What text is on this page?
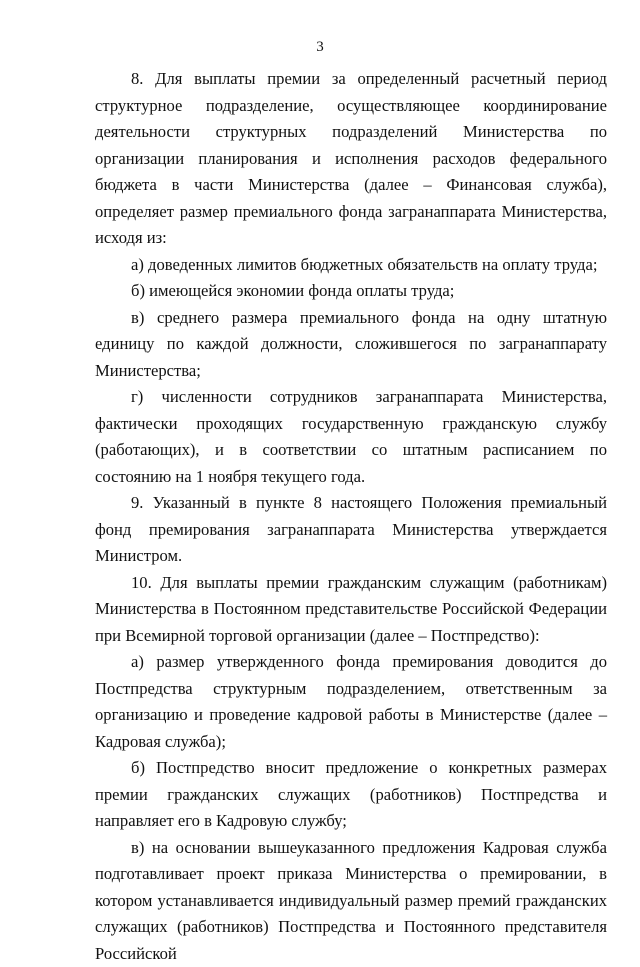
3

8. Для выплаты премии за определенный расчетный период структурное подразделение, осуществляющее координирование деятельности структурных подразделений Министерства по организации планирования и исполнения расходов федерального бюджета в части Министерства (далее – Финансовая служба), определяет размер премиального фонда загранаппарата Министерства, исходя из:

а) доведенных лимитов бюджетных обязательств на оплату труда;

б) имеющейся экономии фонда оплаты труда;

в) среднего размера премиального фонда на одну штатную единицу по каждой должности, сложившегося по загранаппарату Министерства;

г) численности сотрудников загранаппарата Министерства, фактически проходящих государственную гражданскую службу (работающих), и в соответствии со штатным расписанием по состоянию на 1 ноября текущего года.

9. Указанный в пункте 8 настоящего Положения премиальный фонд премирования загранаппарата Министерства утверждается Министром.

10. Для выплаты премии гражданским служащим (работникам) Министерства в Постоянном представительстве Российской Федерации при Всемирной торговой организации (далее – Постпредство):

а) размер утвержденного фонда премирования доводится до Постпредства структурным подразделением, ответственным за организацию и проведение кадровой работы в Министерстве (далее – Кадровая служба);

б) Постпредство вносит предложение о конкретных размерах премии гражданских служащих (работников) Постпредства и направляет его в Кадровую службу;

в) на основании вышеуказанного предложения Кадровая служба подготавливает проект приказа Министерства о премировании, в котором устанавливается индивидуальный размер премий гражданских служащих (работников) Постпредства и Постоянного представителя Российской
